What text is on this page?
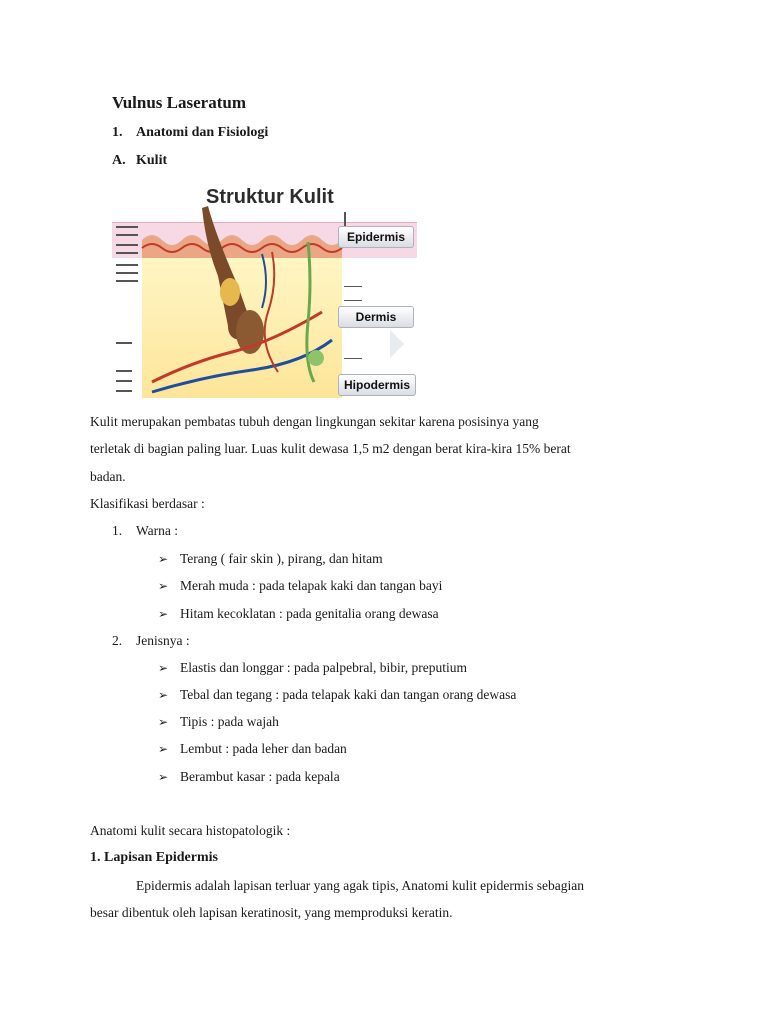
Vulnus Laseratum
1. Anatomi dan Fisiologi
A. Kulit
Struktur Kulit
Epidermis
Dermis
Hipodermis
Kulit merupakan pembatas tubuh dengan lingkungan sekitar karena posisinya yang
terletak di bagian paling luar. Luas kulit dewasa 1,5 m2 dengan berat kira-kira 15% berat
badan.
Klasifikasi berdasar :
1. Warna :
➢ Terang ( fair skin ), pirang, dan hitam
➢ Merah muda : pada telapak kaki dan tangan bayi
➢ Hitam kecoklatan : pada genitalia orang dewasa
2. Jenisnya :
➢ Elastis dan longgar : pada palpebral, bibir, preputium
➢ Tebal dan tegang : pada telapak kaki dan tangan orang dewasa
➢ Tipis : pada wajah
➢ Lembut : pada leher dan badan
➢ Berambut kasar : pada kepala
Anatomi kulit secara histopatologik :
1. Lapisan Epidermis
Epidermis adalah lapisan terluar yang agak tipis, Anatomi kulit epidermis sebagian
besar dibentuk oleh lapisan keratinosit, yang memproduksi keratin.
